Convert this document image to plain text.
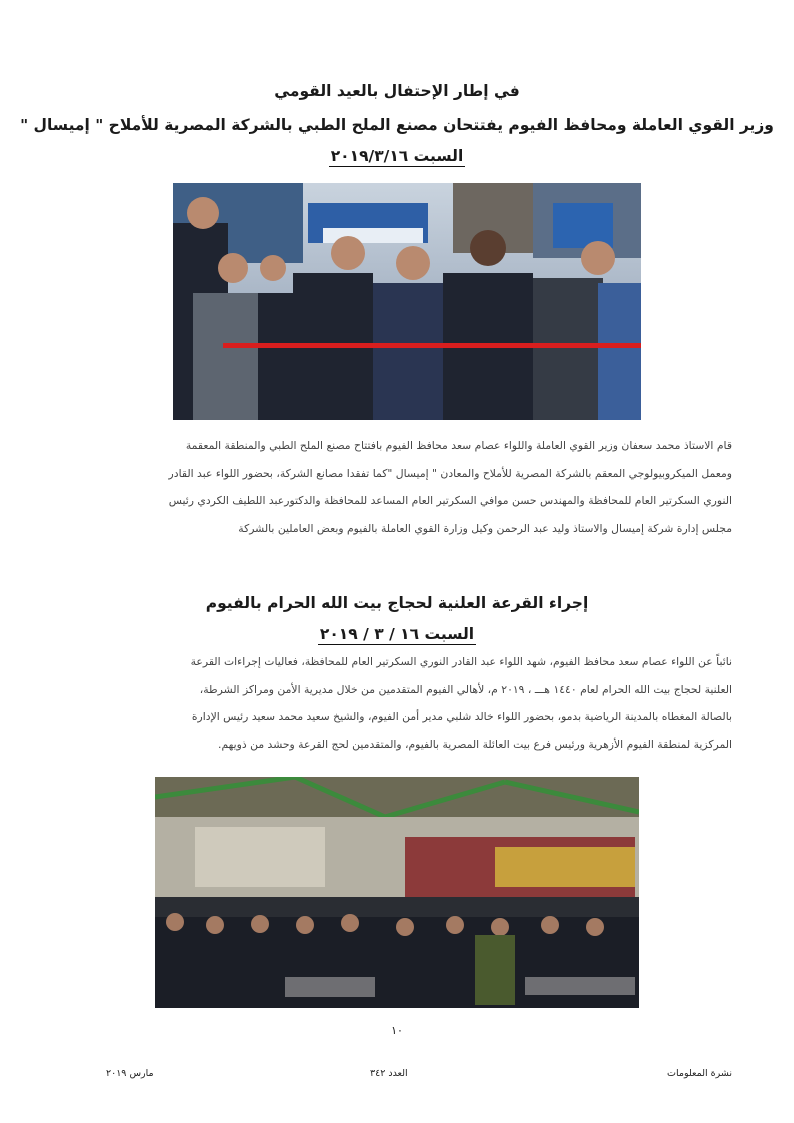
في إطار الإحتفال بالعيد القومي
وزير القوي العاملة ومحافظ الفيوم يفتتحان مصنع الملح الطبي بالشركة المصرية للأملاح " إميسال "
السبت ٢٠١٩/٣/١٦
قام الاستاذ محمد سعفان وزير القوي العاملة واللواء عصام سعد محافظ الفيوم بافتتاح مصنع الملح الطبي والمنطقة المعقمة
ومعمل الميكروبيولوجي المعقم بالشركة المصرية للأملاح والمعادن " إميسال "كما تفقدا مصانع الشركة، بحضور اللواء عبد القادر
النوري السكرتير العام للمحافظة والمهندس حسن موافي السكرتير العام المساعد للمحافظة والدكتورعبد اللطيف الكردي رئيس
مجلس إدارة شركة إميسال والاستاذ وليد عبد الرحمن وكيل وزارة القوي العاملة بالفيوم وبعض العاملين بالشركة
إجراء القرعة العلنية لحجاج بيت الله الحرام بالفيوم
السبت ١٦ / ٣ / ٢٠١٩
نائباً عن اللواء عصام سعد محافظ الفيوم، شهد اللواء عبد القادر النوري السكرتير العام للمحافظة، فعاليات إجراءات القرعة
العلنية لحجاج بيت الله الحرام لعام ١٤٤٠ هـــ ، ٢٠١٩ م، لأهالي الفيوم المتقدمين من خلال مديرية الأمن ومراكز الشرطة،
بالصالة المغطاه بالمدينة الرياضية بدمو، بحضور اللواء خالد شلبي مدير أمن الفيوم، والشيخ سعيد محمد سعيد رئيس الإدارة
المركزية لمنطقة الفيوم الأزهرية ورئيس فرع بيت العائلة المصرية بالفيوم، والمتقدمين لحج القرعة وحشد من ذويهم.
١٠
نشرة المعلومات
العدد ٣٤٢
مارس ٢٠١٩
